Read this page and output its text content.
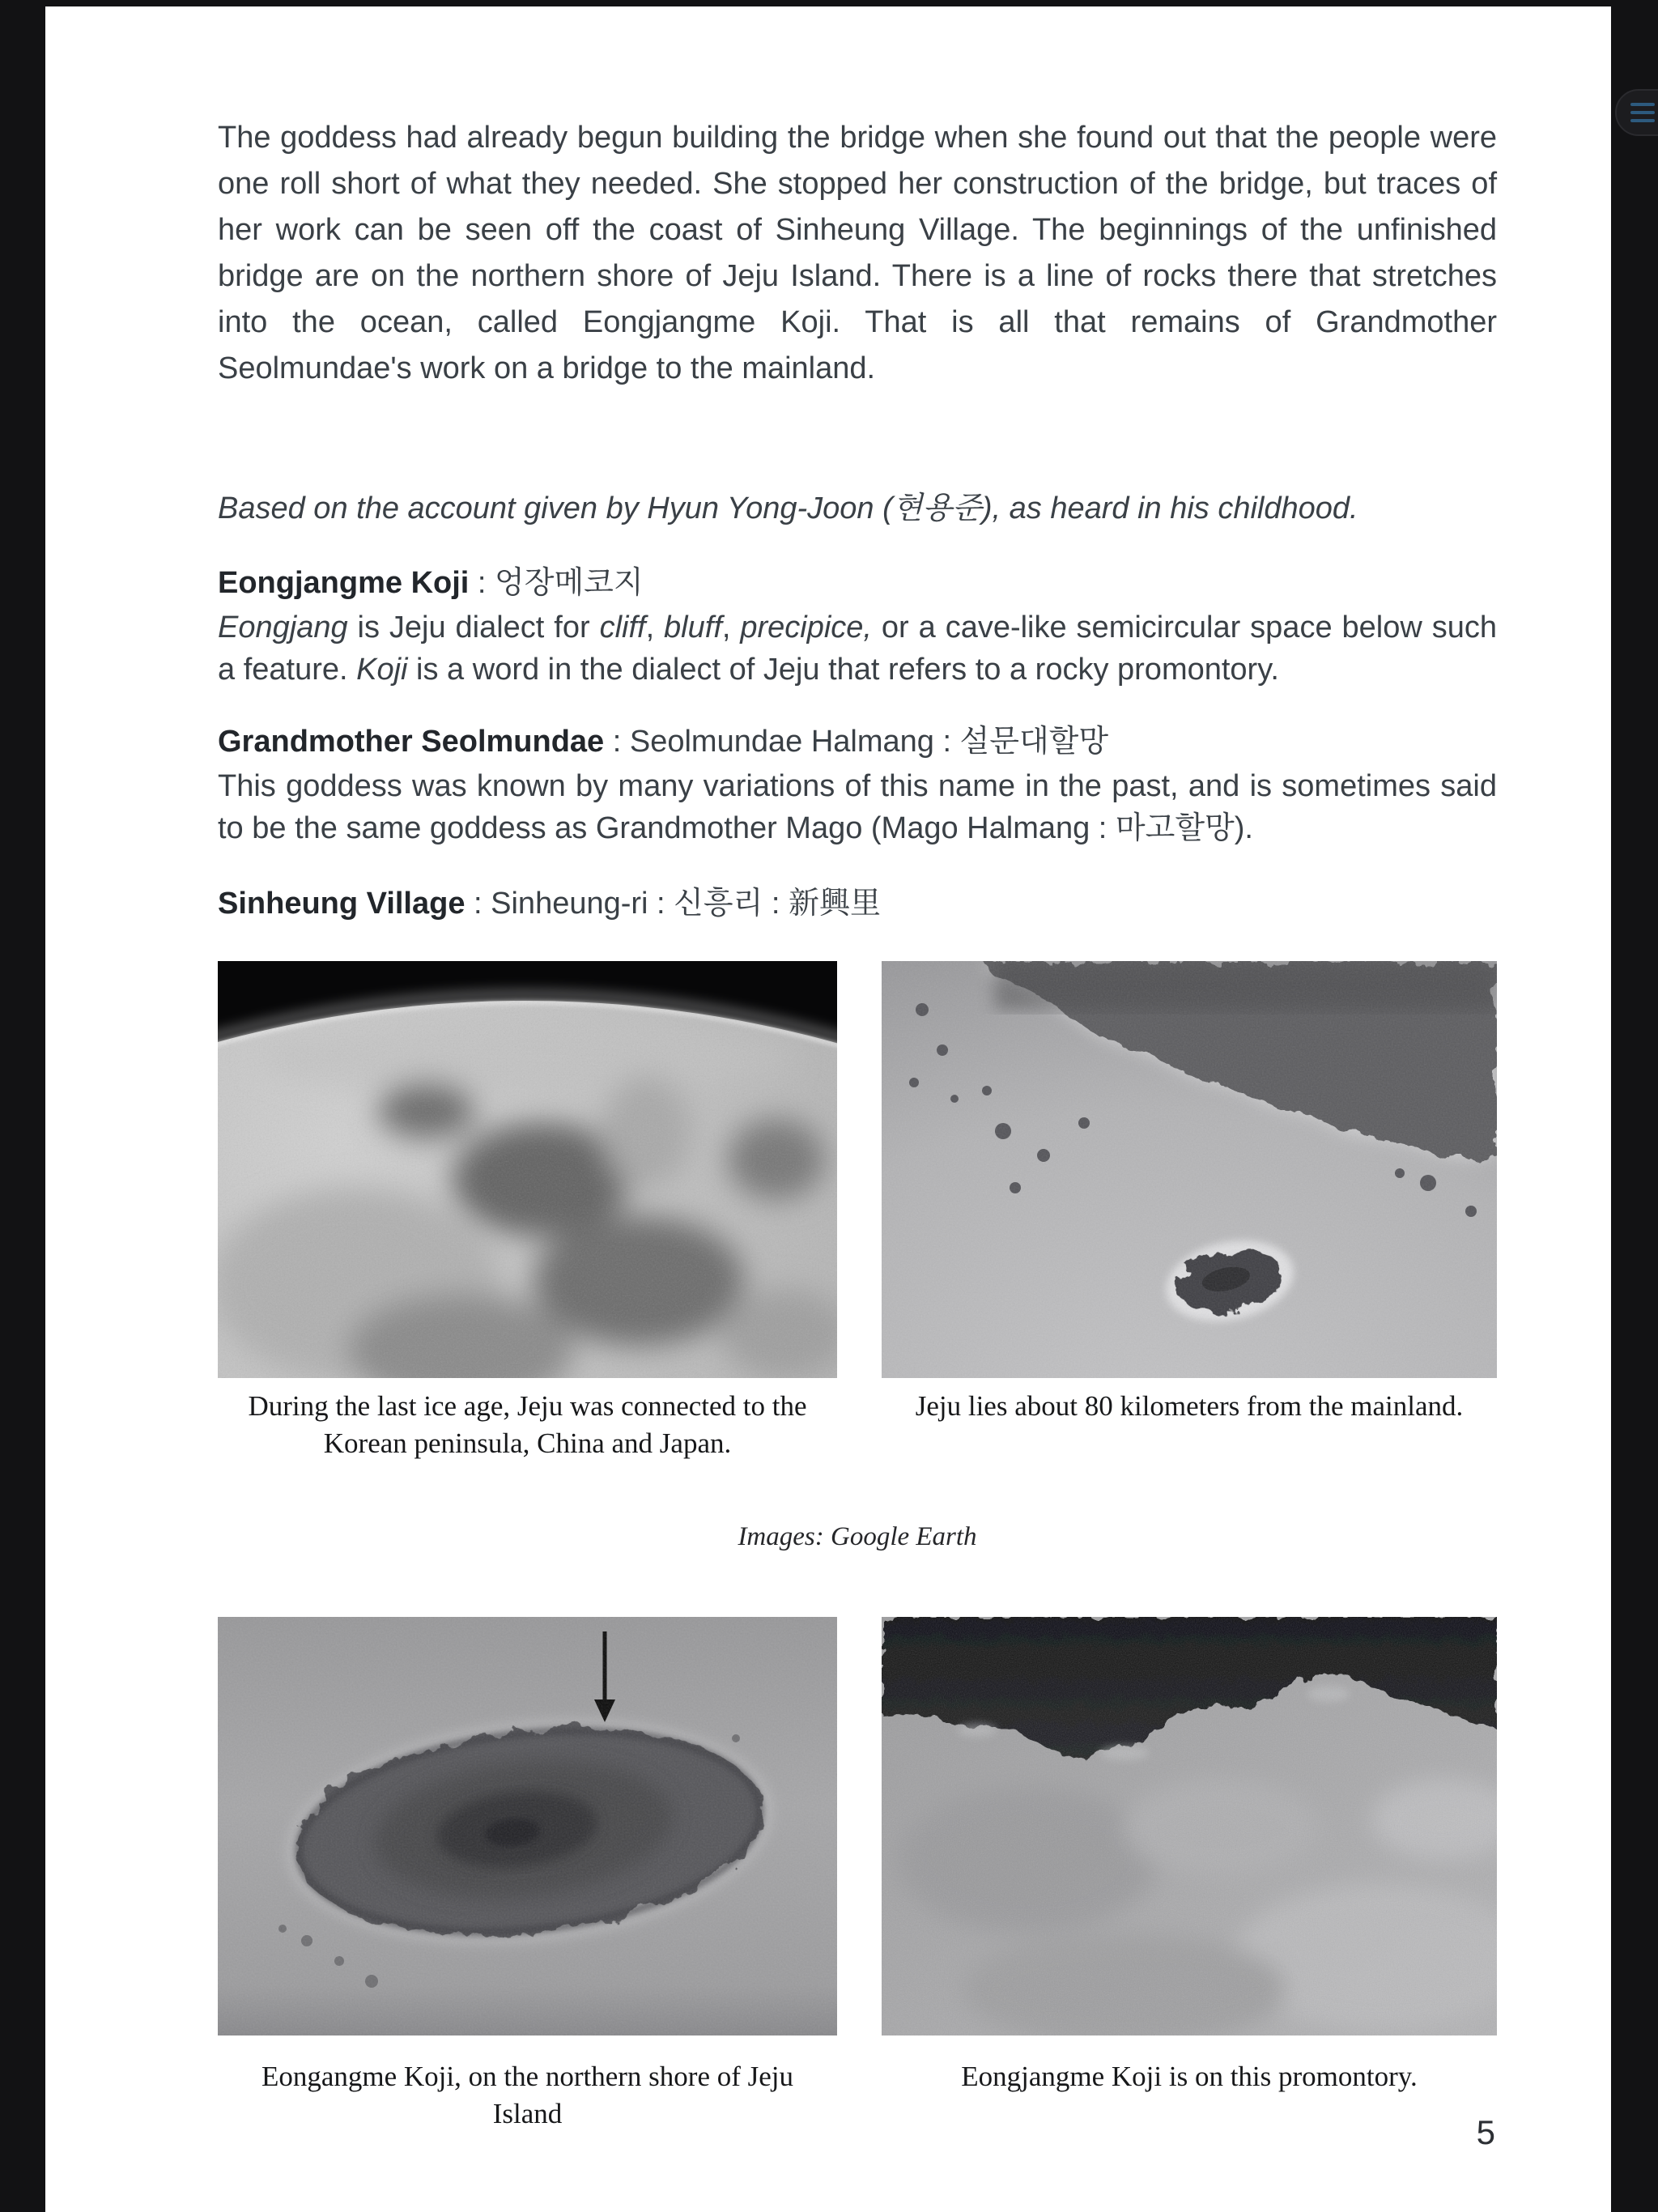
The goddess had already begun building the bridge when she found out that the people were one roll short of what they needed. She stopped her construction of the bridge, but traces of her work can be seen off the coast of Sinheung Village. The beginnings of the unfinished bridge are on the northern shore of Jeju Island. There is a line of rocks there that stretches into the ocean, called Eongjangme Koji. That is all that remains of Grandmother Seolmundae's work on a bridge to the mainland.

Based on the account given by Hyun Yong-Joon (현용준), as heard in his childhood.

Eongjangme Koji : 엉장메코지

Eongjang is Jeju dialect for cliff, bluff, precipice, or a cave-like semicircular space below such a feature. Koji is a word in the dialect of Jeju that refers to a rocky promontory.

Grandmother Seolmundae : Seolmundae Halmang : 설문대할망

This goddess was known by many variations of this name in the past, and is sometimes said to be the same goddess as Grandmother Mago (Mago Halmang : 마고할망).

Sinheung Village : Sinheung-ri : 신흥리 : 新興里

During the last ice age, Jeju was connected to the Korean peninsula, China and Japan.
Jeju lies about 80 kilometers from the mainland.
Images: Google Earth
Eongangme Koji, on the northern shore of Jeju Island
Eongjangme Koji is on this promontory.
5
